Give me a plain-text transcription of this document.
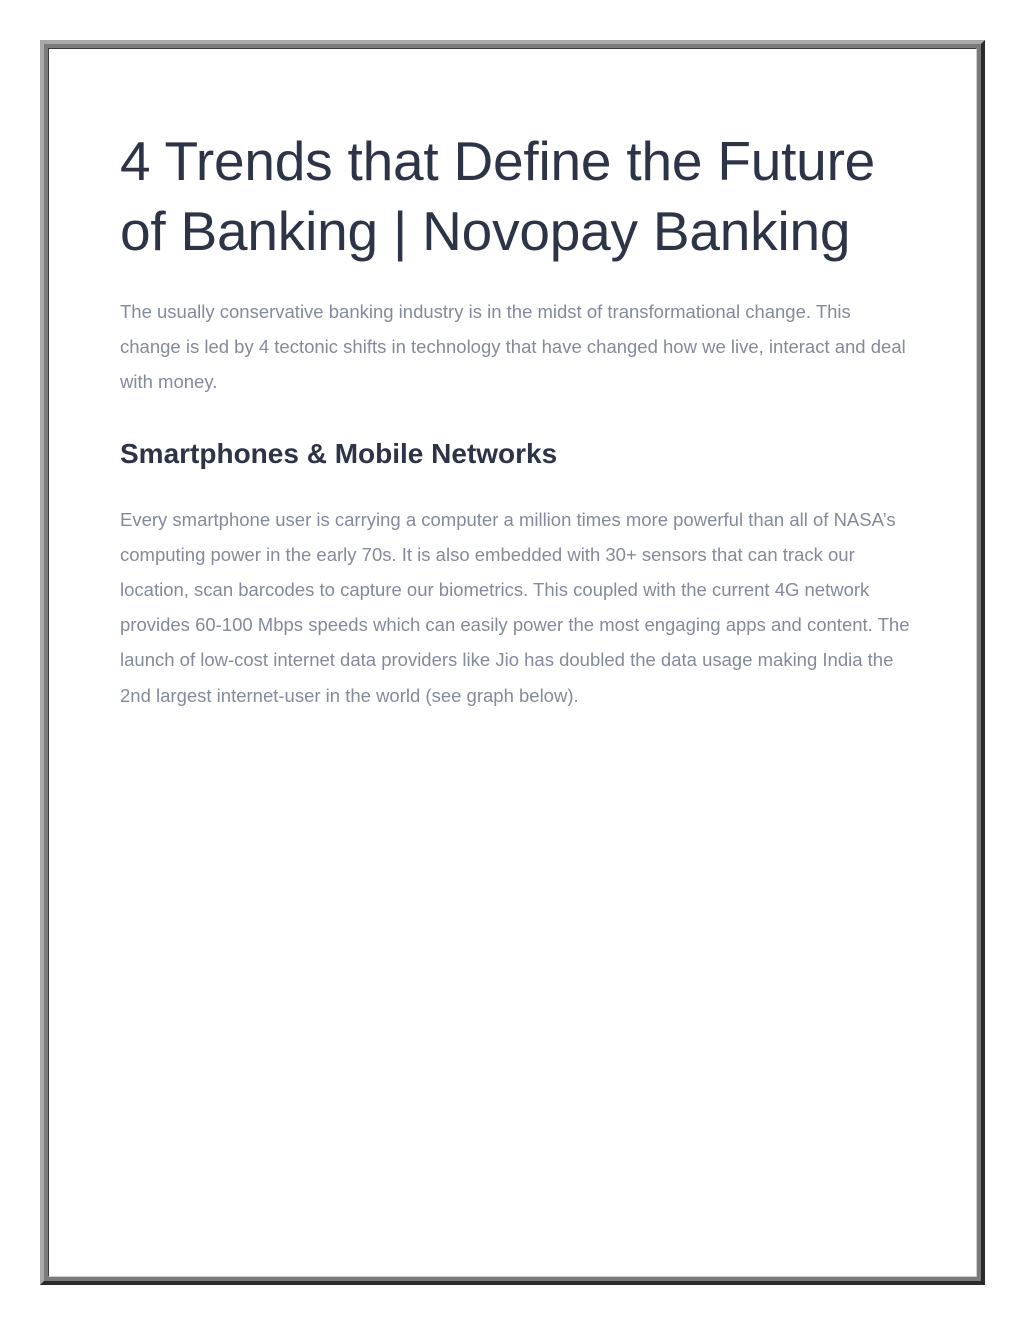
4 Trends that Define the Future of Banking | Novopay Banking

The usually conservative banking industry is in the midst of transformational change. This change is led by 4 tectonic shifts in technology that have changed how we live, interact and deal with money.

Smartphones & Mobile Networks

Every smartphone user is carrying a computer a million times more powerful than all of NASA’s computing power in the early 70s. It is also embedded with 30+ sensors that can track our location, scan barcodes to capture our biometrics. This coupled with the current 4G network provides 60-100 Mbps speeds which can easily power the most engaging apps and content. The launch of low-cost internet data providers like Jio has doubled the data usage making India the 2nd largest internet-user in the world (see graph below).
